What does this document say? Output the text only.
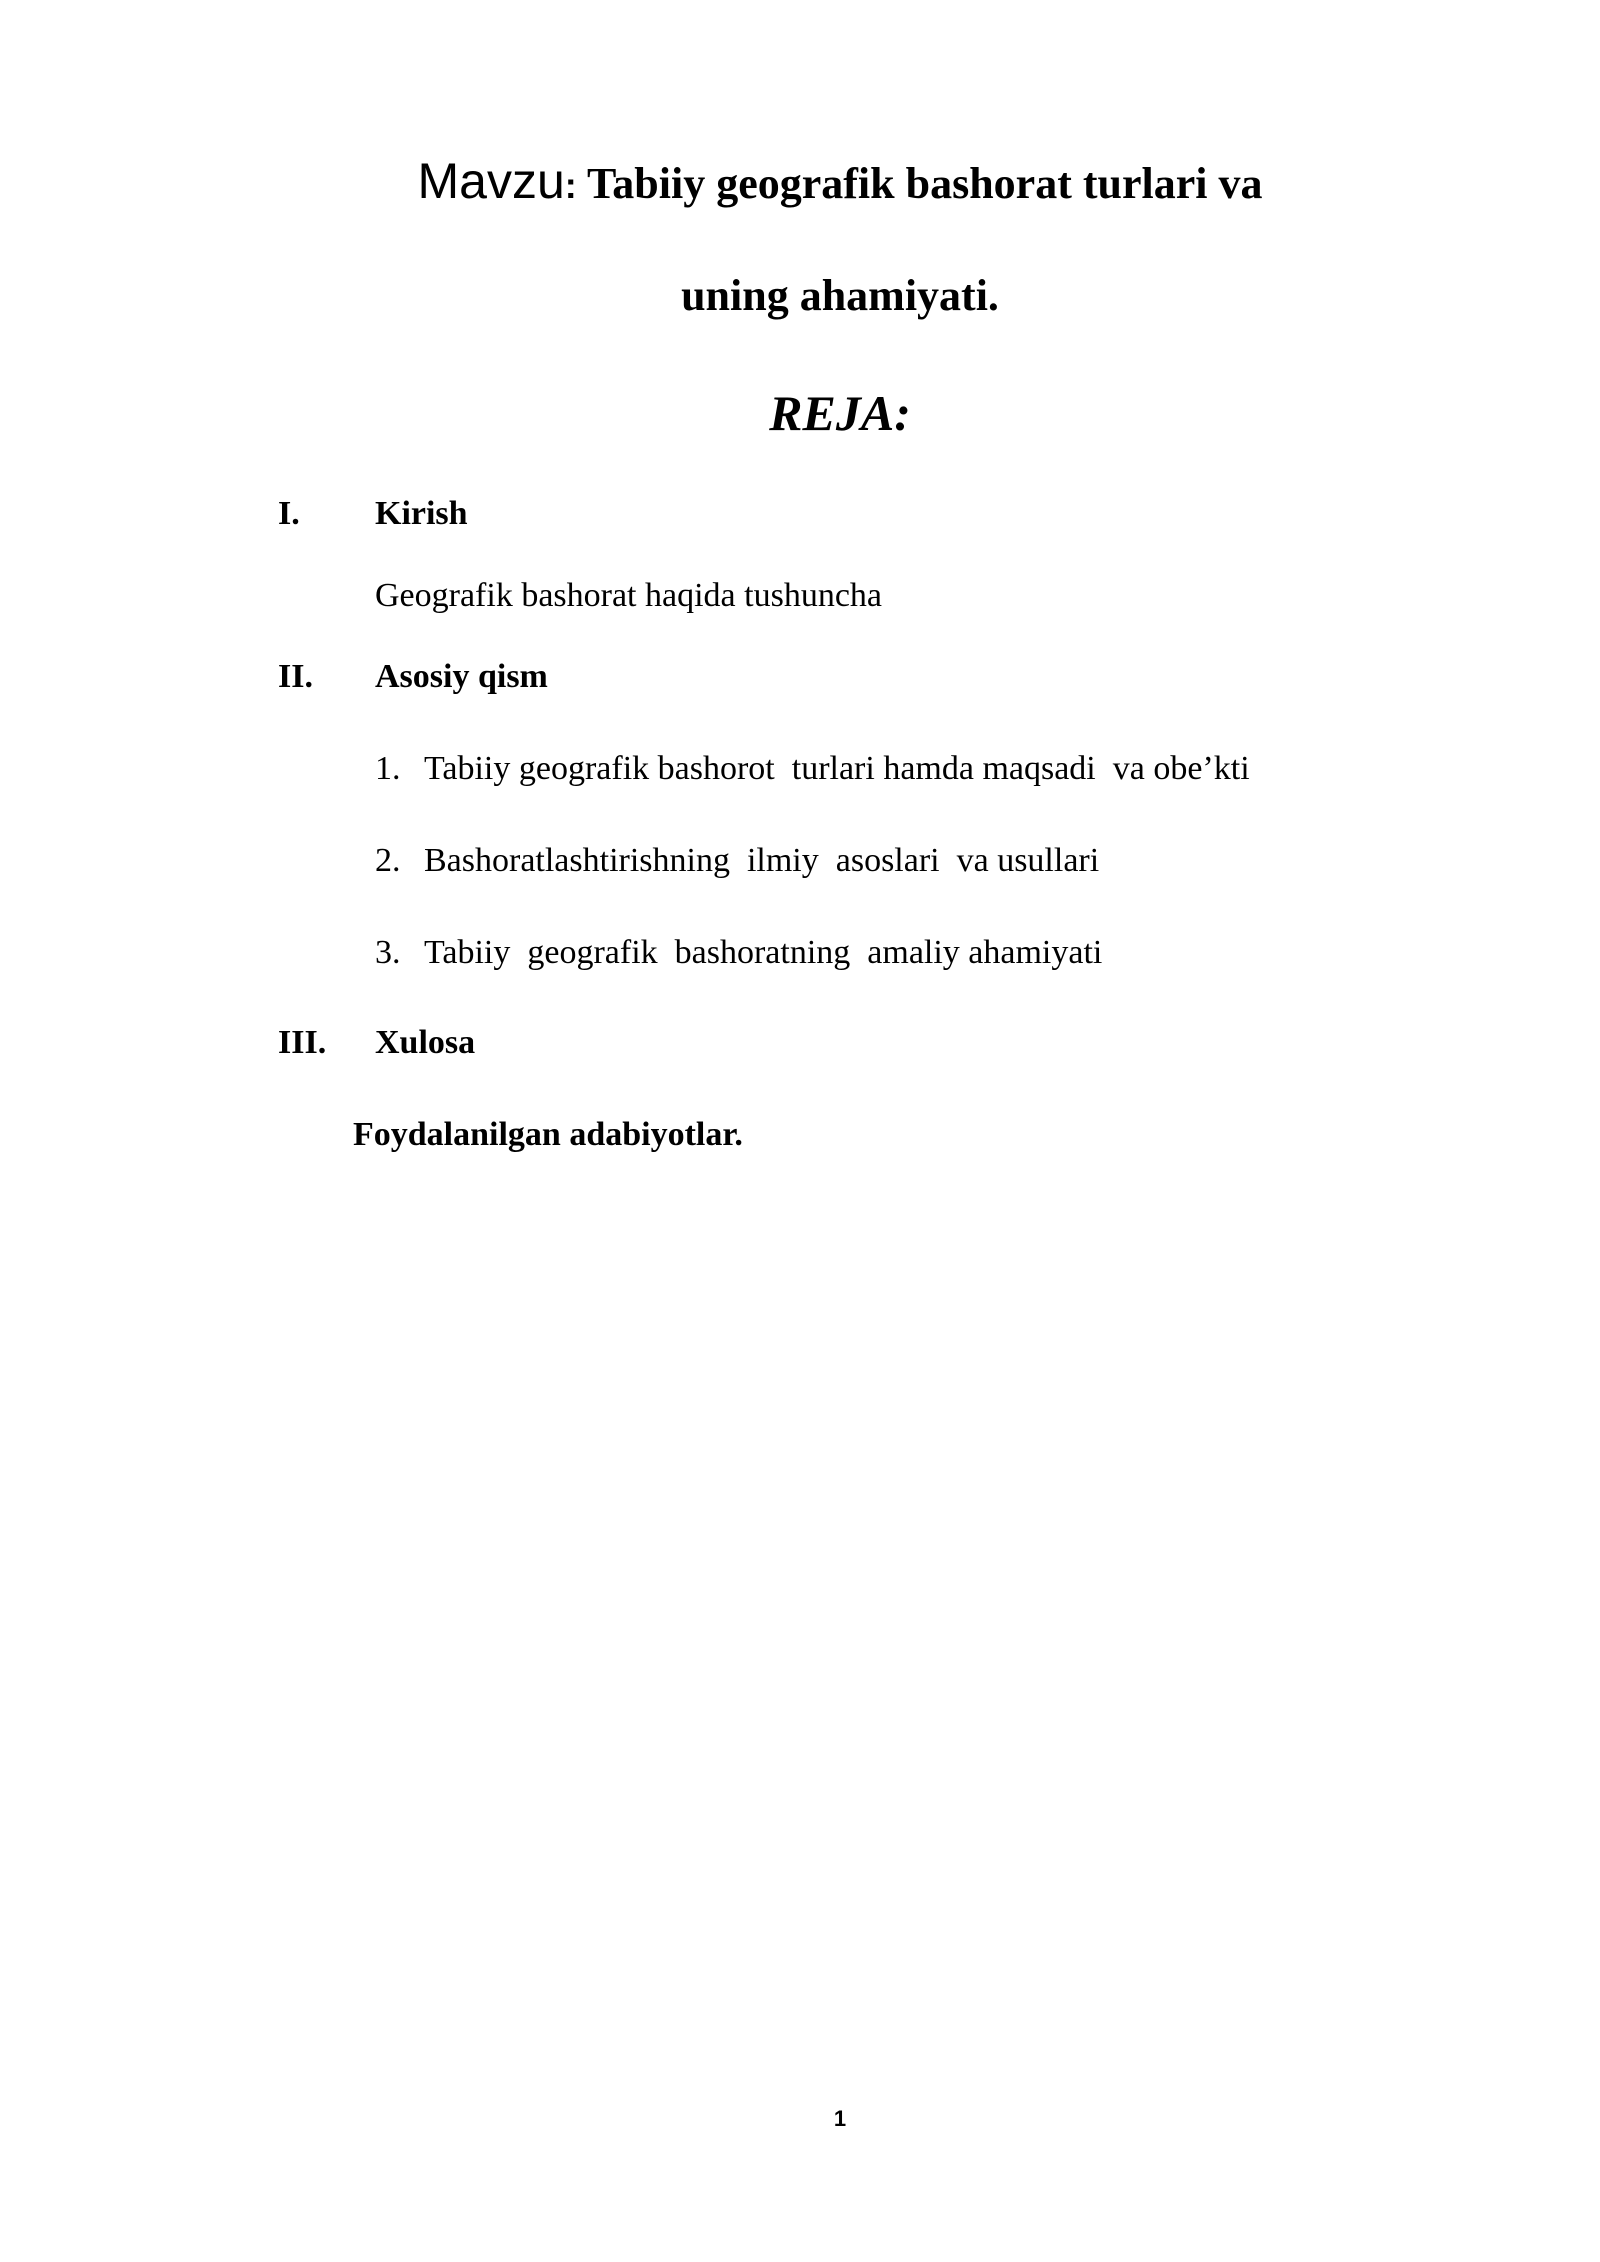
Mavzu: Tabiiy geografik bashorat turlari va
uning ahamiyati.
REJA:
I. Kirish
Geografik bashorat haqida tushuncha
II. Asosiy qism
1. Tabiiy geografik bashorot  turlari hamda maqsadi  va obe’kti
2. Bashoratlashtirishning  ilmiy  asoslari  va usullari
3. Tabiiy  geografik  bashoratning  amaliy ahamiyati
III. Xulosa
Foydalanilgan adabiyotlar.
1
